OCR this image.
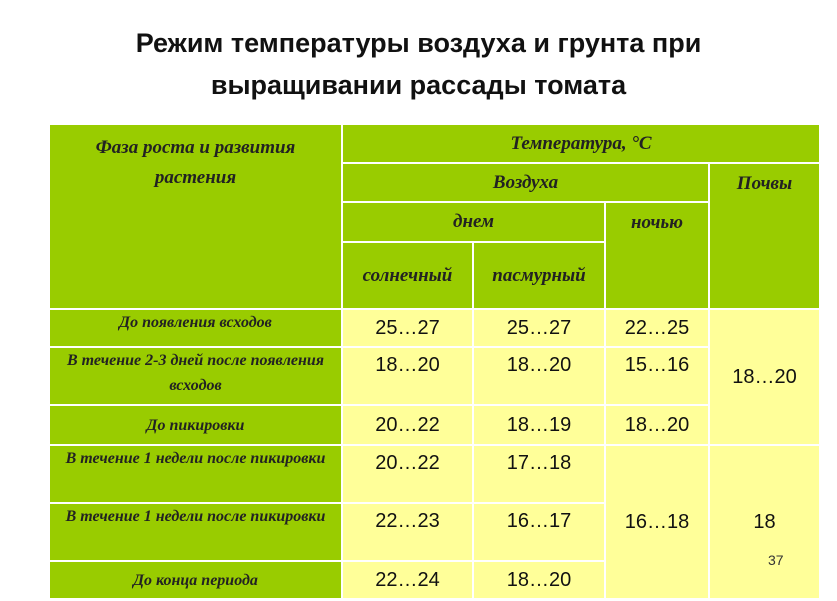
Режим температуры воздуха и грунта при
выращивании рассады томата
Фаза роста и развития растения	Температура, °С			
	Воздуха			Почвы
	днем		ночью	
	солнечный	пасмурный		
До появления всходов	25…27	25…27	22…25	18…20
В течение 2-3 дней после появления всходов	18…20	18…20	15…16	
До пикировки	20…22	18…19	18…20	
В течение 1 недели после пикировки	20…22	17…18	16…18	18
В течение 1 недели после пикировки	22…23	16…17		
До конца периода	22…24	18…20		
37
